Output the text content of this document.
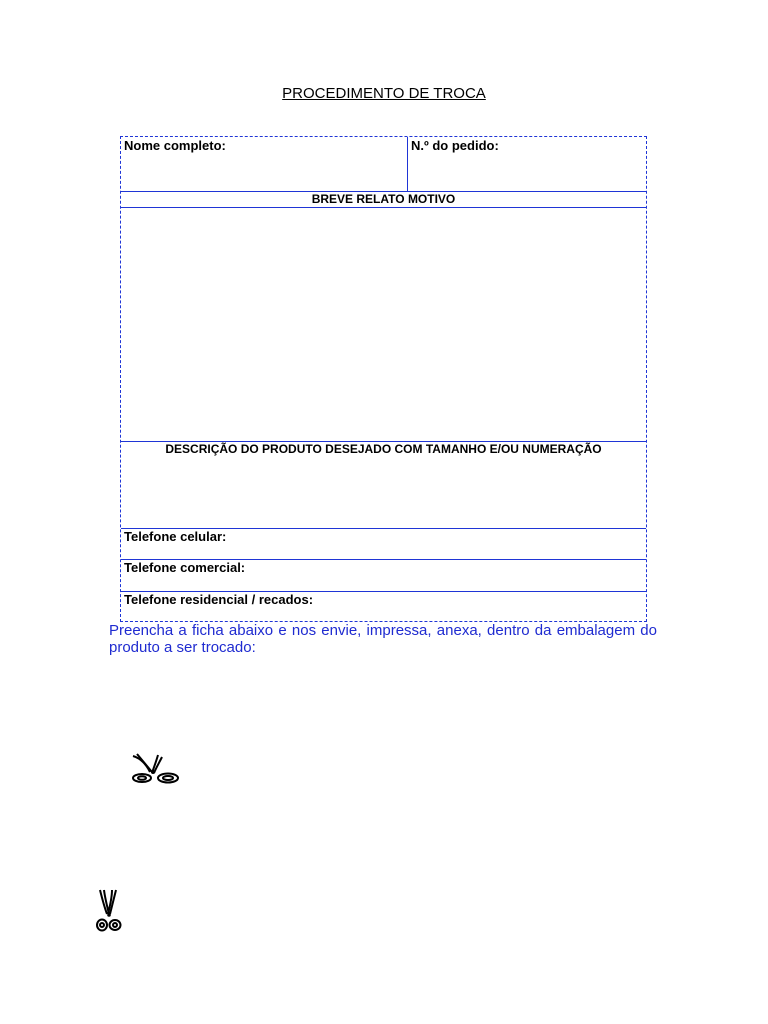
PROCEDIMENTO DE TROCA
Nome completo:	N.º do pedido:
BREVE RELATO MOTIVO
DESCRIÇÃO DO PRODUTO DESEJADO COM TAMANHO E/OU NUMERAÇÃO
Telefone celular:
Telefone comercial:
Telefone residencial / recados:
Preencha a ficha abaixo e nos envie, impressa, anexa, dentro da embalagem do produto a ser trocado:
